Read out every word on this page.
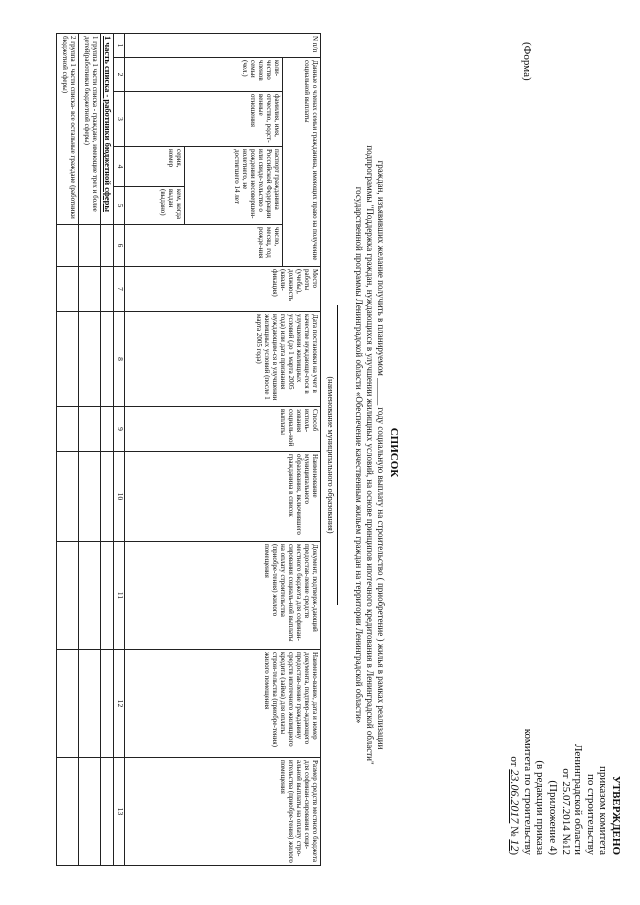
УТВЕРЖДЕНО
приказом комитета
по строительству
Ленинградской области
от 25.07.2014 №12
(Приложение 4)
(в редакции приказа
комитета по строительству
от 23.06.2017 № 12)
(Форма)
СПИСОК
граждан, изъявивших желание получить в планируемом ______ году социальную выплату на строительство ( приобретение ) жилья в рамках реализации
подпрограммы "Поддержка граждан, нуждающихся в улучшении жилищных условий, на основе принципов ипотечного кредитования в Ленинградской области"
государственной программы Ленинградской области «Обеспечение качественным жильем граждан на территории Ленинградской области»
(наименование муниципального образования)
N п/п	Данные о членах семьи гражданина, имеющих право на получение социальной выплаты					Место работы (учебы), должность (квали-фикация)	Дата постановки на учет в качестве нуждающе-гося в улучшении жилищных условий (до 1 марта 2005 года) или дата признания нуждающим-ся в улучшении жилищных условий (после 1 марта 2005 года)	Способ исполь-зования социаль-ной выплаты	Наименование муниципального образования, включившего гражданина в список	Документ, подтверж-дающий предостав-ление средств местного бюджета для софинан-сирования социаль-ной выплаты на оплату строительства (приобре-тения) жилого помещения	Наимено-вание, дата и номер документа, подтвер-ждающего предостав-ление гражданину средств ипотечного жилищного кредита (займа) для оплаты строи-тельства (приобре-тения) жилого помещения	Размер средств местного бюджета для софинан-сирования соци-альной выплаты на оплату стро-ительства (приобре-тения) жилого помещения
	коли-чество членов семьи (чел.)	фамилия, имя, отчество, родст-венные отношения	паспорт гражданина Российской Федерации или свиде-тельство о рождении несовершен-нолетнего, не достигшего 14 лет		число, месяц, год рожде-ния							
			серия, номер	кем, когда выдан (выдано)								
1	2	3	4	5	6	7	8	9	10	11	12	13
1 часть списка - работники бюджетной сферы												
1 группа 1 части списка - граждане, имеющие трех и более детей(работники бюджетной сферы)												
2 группа 1 части списка- все остальные граждане (работники бюджетной сферы)												
